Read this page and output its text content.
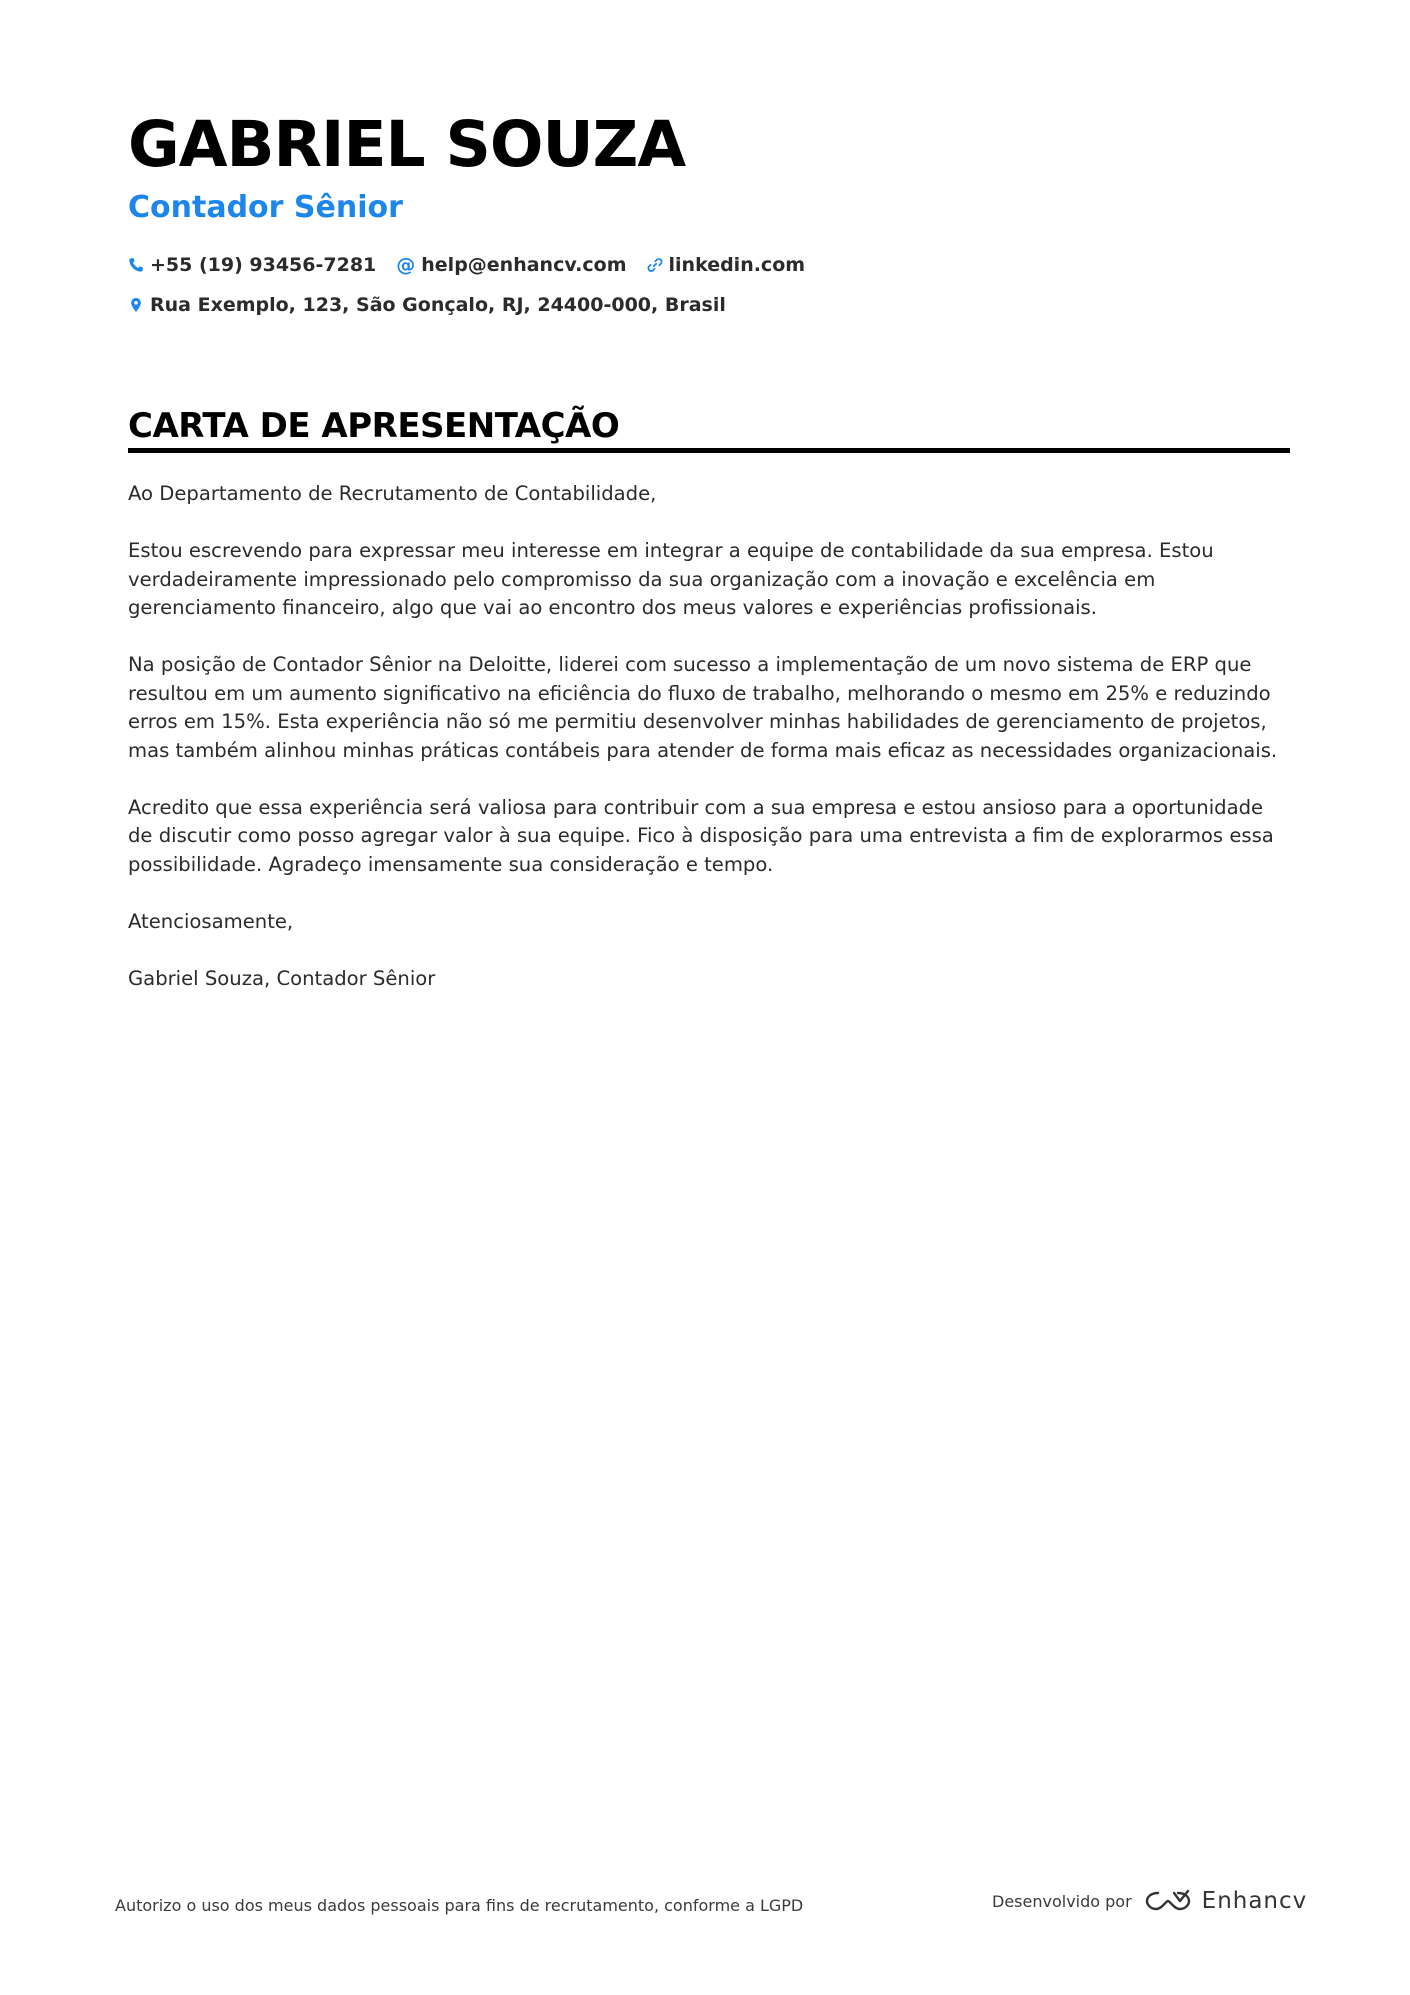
GABRIEL SOUZA
Contador Sênior
+55 (19) 93456-7281 @ help@enhancv.com linkedin.com
Rua Exemplo, 123, São Gonçalo, RJ, 24400-000, Brasil
CARTA DE APRESENTAÇÃO

Ao Departamento de Recrutamento de Contabilidade,

Estou escrevendo para expressar meu interesse em integrar a equipe de contabilidade da sua empresa. Estou verdadeiramente impressionado pelo compromisso da sua organização com a inovação e excelência em gerenciamento financeiro, algo que vai ao encontro dos meus valores e experiências profissionais.

Na posição de Contador Sênior na Deloitte, liderei com sucesso a implementação de um novo sistema de ERP que resultou em um aumento significativo na eficiência do fluxo de trabalho, melhorando o mesmo em 25% e reduzindo erros em 15%. Esta experiência não só me permitiu desenvolver minhas habilidades de gerenciamento de projetos, mas também alinhou minhas práticas contábeis para atender de forma mais eficaz as necessidades organizacionais.

Acredito que essa experiência será valiosa para contribuir com a sua empresa e estou ansioso para a oportunidade de discutir como posso agregar valor à sua equipe. Fico à disposição para uma entrevista a fim de explorarmos essa possibilidade. Agradeço imensamente sua consideração e tempo.

Atenciosamente,

Gabriel Souza, Contador Sênior

Autorizo o uso dos meus dados pessoais para fins de recrutamento, conforme a LGPD	Desenvolvido por	Enhancv
